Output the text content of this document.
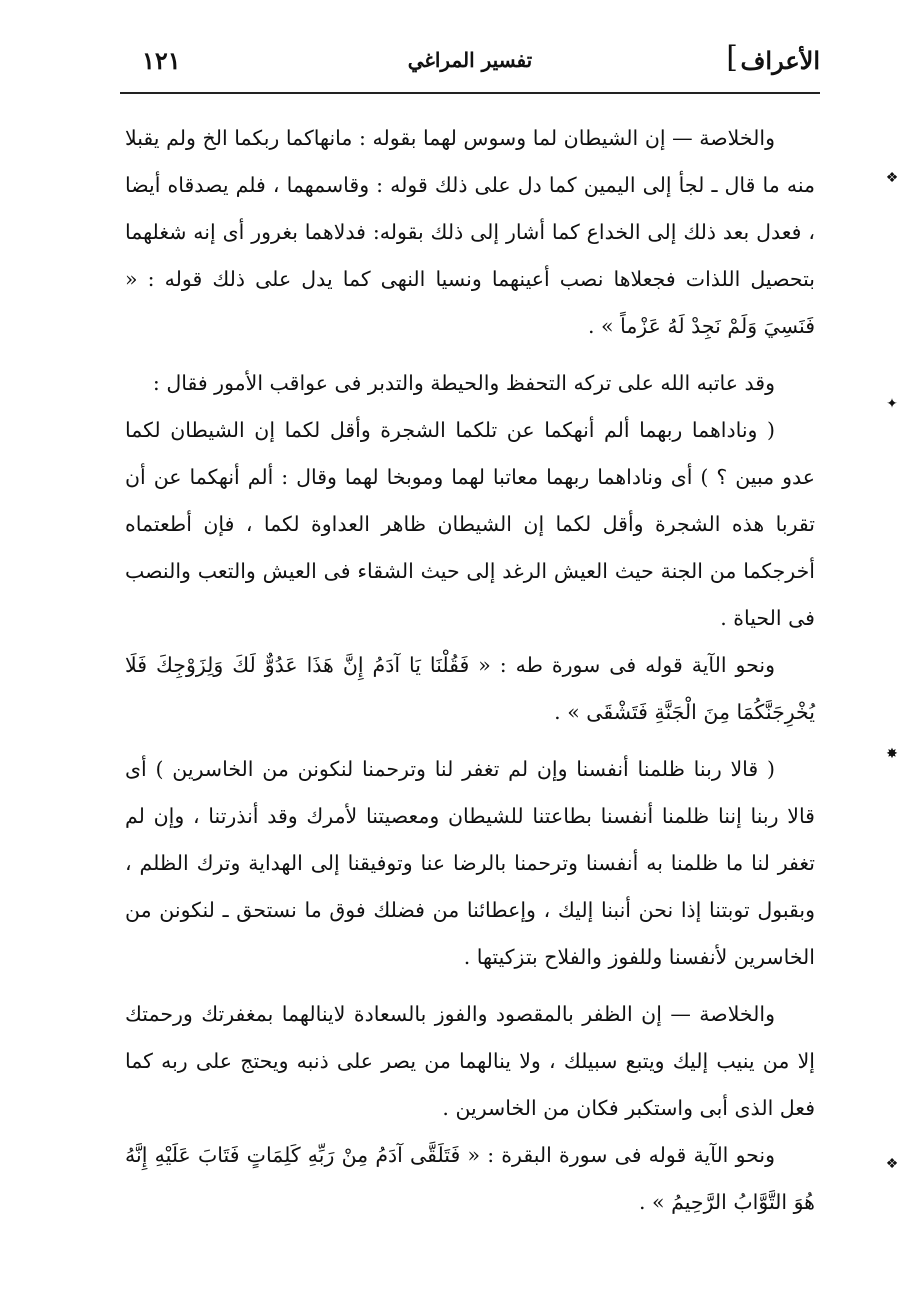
الأعراف
]
تفسير المراغي
١٢١
❖
✦
✸
❖

والخلاصة — إن الشيطان لما وسوس لهما بقوله : مانهاكما ربكما الخ ولم يقبلا منه ما قال ـ لجأ إلى اليمين كما دل على ذلك قوله : وقاسمهما ، فلم يصدقاه أيضا ، فعدل بعد ذلك إلى الخداع كما أشار إلى ذلك بقوله: فدلاهما بغرور أى إنه شغلهما بتحصيل اللذات فجعلاها نصب أعينهما ونسيا النهى كما يدل على ذلك قوله : « فَنَسِيَ وَلَمْ نَجِدْ لَهُ عَزْماً » .

وقد عاتبه الله على تركه التحفظ والحيطة والتدبر فى عواقب الأمور فقال :

( وناداهما ربهما ألم أنهكما عن تلكما الشجرة وأقل لكما إن الشيطان لكما عدو مبين ؟ ) أى وناداهما ربهما معاتبا لهما وموبخا لهما وقال : ألم أنهكما عن أن تقربا هذه الشجرة وأقل لكما إن الشيطان ظاهر العداوة لكما ، فإن أطعتماه أخرجكما من الجنة حيث العيش الرغد إلى حيث الشقاء فى العيش والتعب والنصب فى الحياة .

ونحو الآية قوله فى سورة طه : « فَقُلْنَا يَا آدَمُ إِنَّ هَذَا عَدُوٌّ لَكَ وَلِزَوْجِكَ فَلَا يُخْرِجَنَّكُمَا مِنَ الْجَنَّةِ فَتَشْقَى » .

( قالا ربنا ظلمنا أنفسنا وإن لم تغفر لنا وترحمنا لنكونن من الخاسرين ) أى قالا ربنا إننا ظلمنا أنفسنا بطاعتنا للشيطان ومعصيتنا لأمرك وقد أنذرتنا ، وإن لم تغفر لنا ما ظلمنا به أنفسنا وترحمنا بالرضا عنا وتوفيقنا إلى الهداية وترك الظلم ، وبقبول توبتنا إذا نحن أنبنا إليك ، وإعطائنا من فضلك فوق ما نستحق ـ لنكونن من الخاسرين لأنفسنا وللفوز والفلاح بتزكيتها .

والخلاصة — إن الظفر بالمقصود والفوز بالسعادة لاينالهما بمغفرتك ورحمتك إلا من ينيب إليك ويتبع سبيلك ، ولا ينالهما من يصر على ذنبه ويحتج على ربه كما فعل الذى أبى واستكبر فكان من الخاسرين .

ونحو الآية قوله فى سورة البقرة : « فَتَلَقَّى آدَمُ مِنْ رَبِّهِ كَلِمَاتٍ فَتَابَ عَلَيْهِ إِنَّهُ هُوَ التَّوَّابُ الرَّحِيمُ » .
